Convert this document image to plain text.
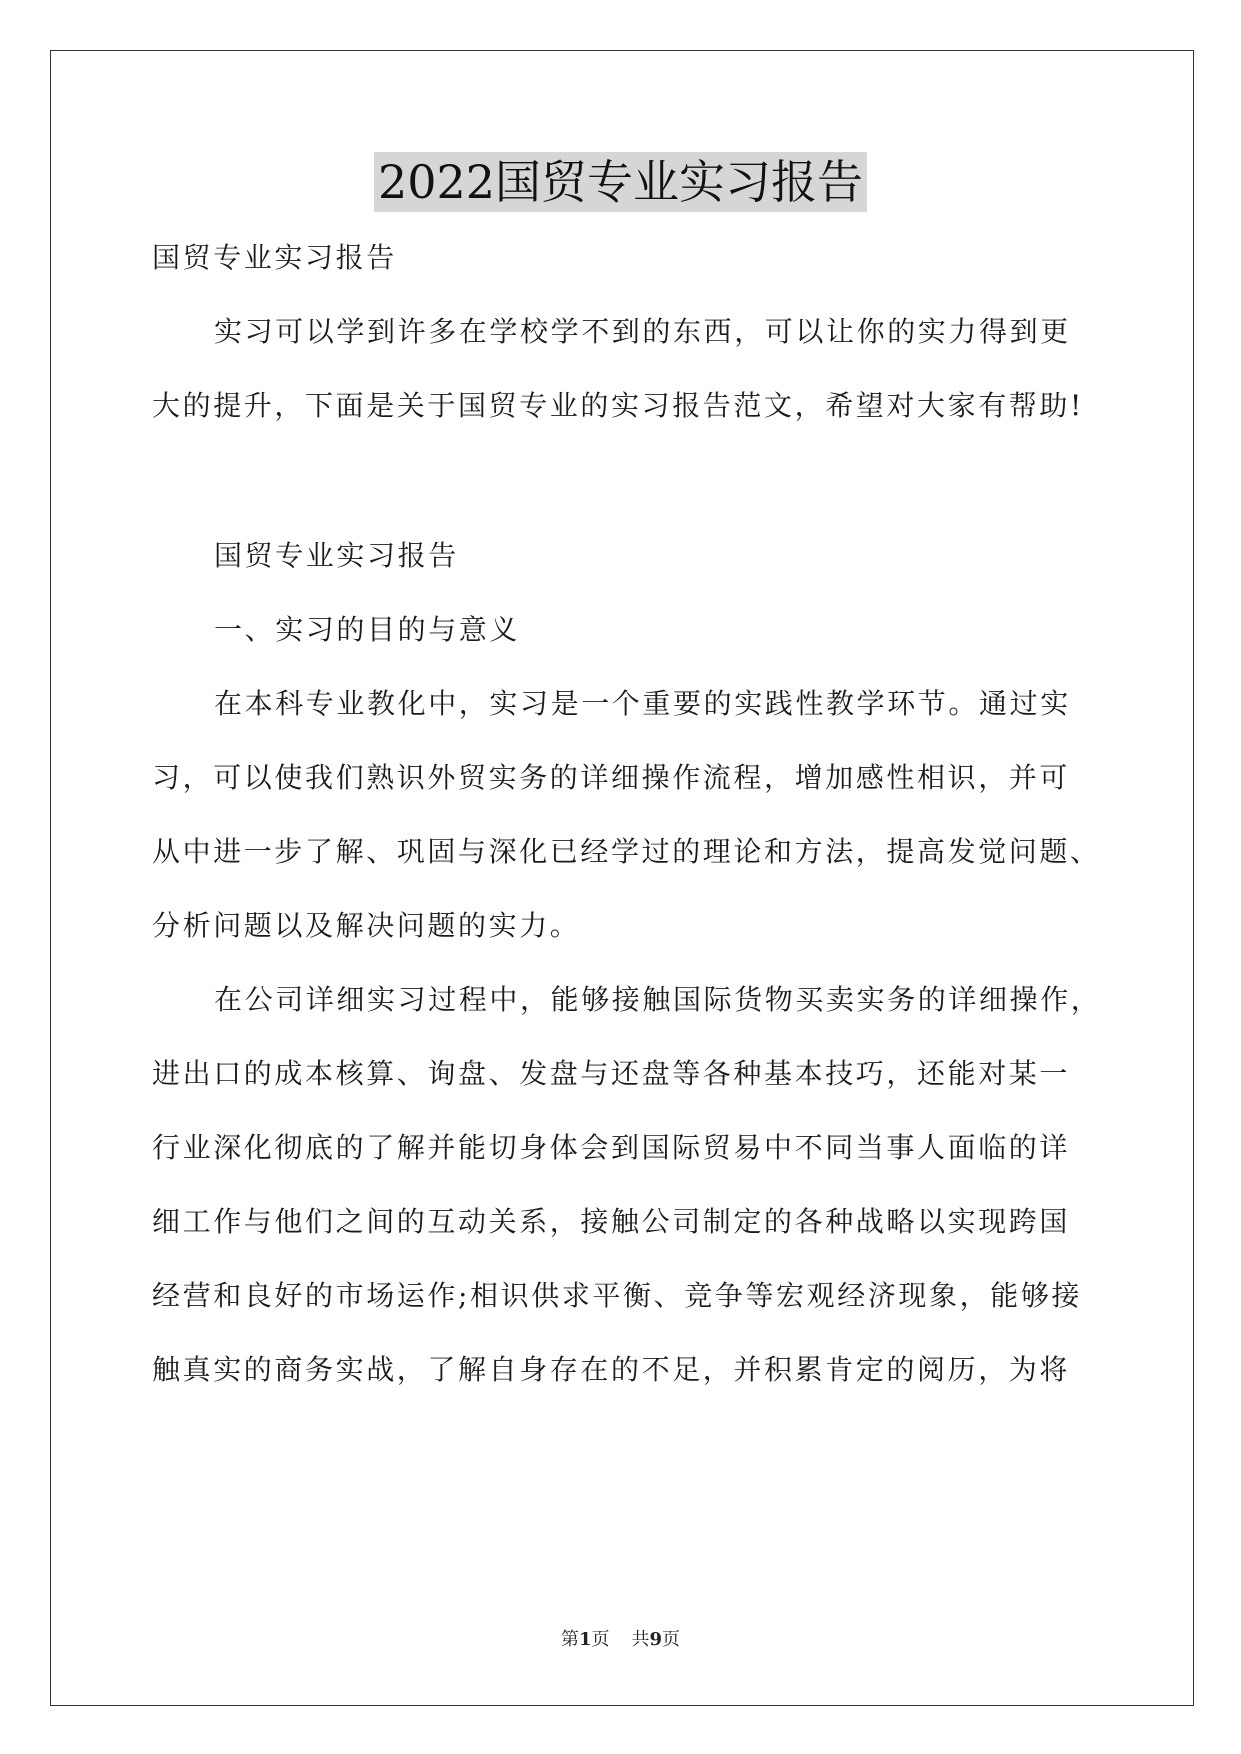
2022国贸专业实习报告
国贸专业实习报告
实习可以学到许多在学校学不到的东西，可以让你的实力得到更
大的提升，下面是关于国贸专业的实习报告范文，希望对大家有帮助!
国贸专业实习报告
一、实习的目的与意义
在本科专业教化中，实习是一个重要的实践性教学环节。通过实
习，可以使我们熟识外贸实务的详细操作流程，增加感性相识，并可
从中进一步了解、巩固与深化已经学过的理论和方法，提高发觉问题、
分析问题以及解决问题的实力。
在公司详细实习过程中，能够接触国际货物买卖实务的详细操作，
进出口的成本核算、询盘、发盘与还盘等各种基本技巧，还能对某一
行业深化彻底的了解并能切身体会到国际贸易中不同当事人面临的详
细工作与他们之间的互动关系，接触公司制定的各种战略以实现跨国
经营和良好的市场运作;相识供求平衡、竞争等宏观经济现象，能够接
触真实的商务实战，了解自身存在的不足，并积累肯定的阅历，为将
第1页 共9页
